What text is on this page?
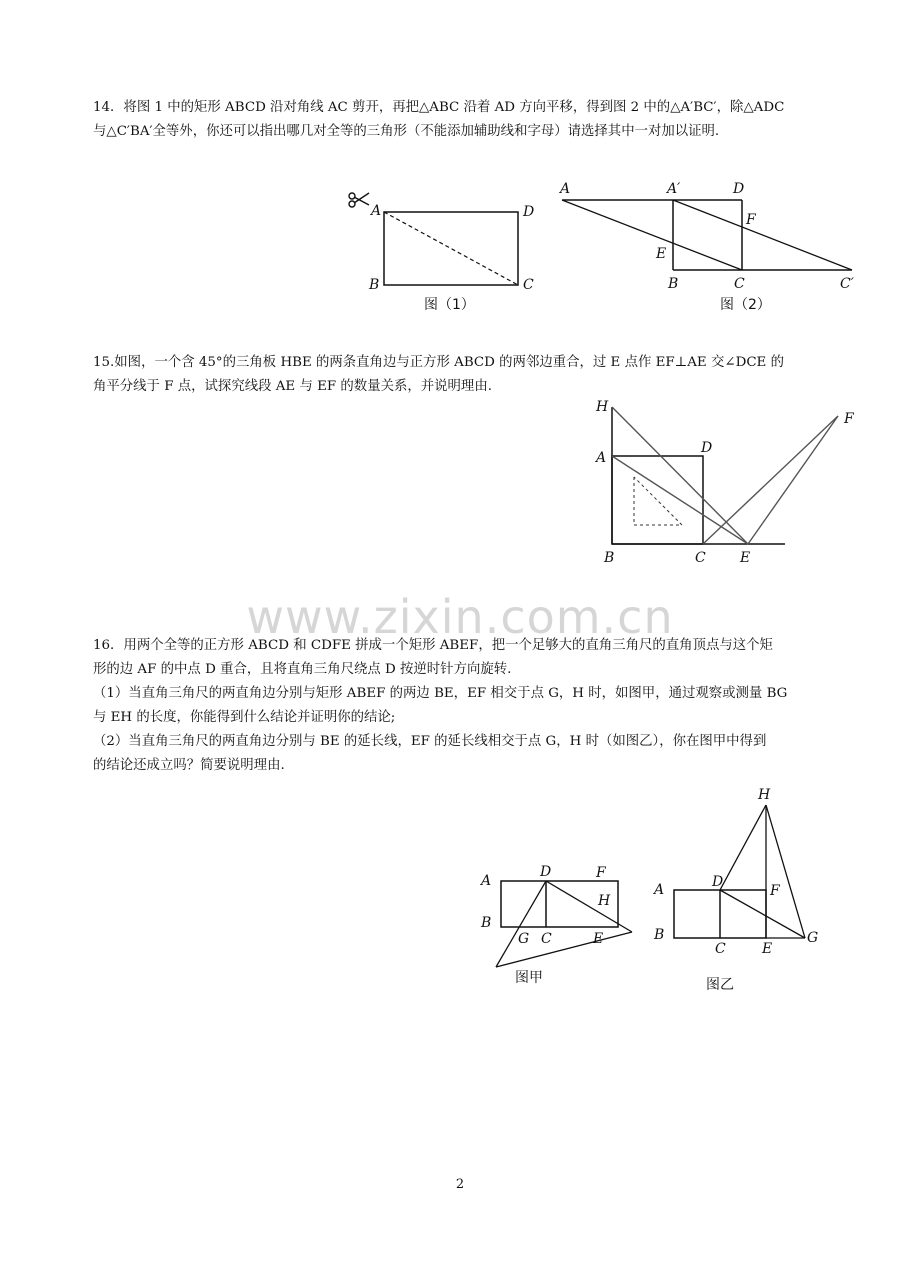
14．将图 1 中的矩形 ABCD 沿对角线 AC 剪开，再把△ABC 沿着 AD 方向平移，得到图 2 中的△A′BC′，除△ADC
与△C′BA′全等外，你还可以指出哪几对全等的三角形（不能添加辅助线和字母）请选择其中一对加以证明.

A	D
B	C
图（1）
A	A′	D
F
E
B	C	C′
图（2）

15.如图，一个含 45°的三角板 HBE 的两条直角边与正方形 ABCD 的两邻边重合，过 E 点作 EF⊥AE 交∠DCE 的
角平分线于 F 点，试探究线段 AE 与 EF 的数量关系，并说明理由.

H
A
D
F
B	C E
www.zixin.com.cn

16．用两个全等的正方形 ABCD 和 CDFE 拼成一个矩形 ABEF，把一个足够大的直角三角尺的直角顶点与这个矩
形的边 AF 的中点 D 重合，且将直角三角尺绕点 D 按逆时针方向旋转.
（1）当直角三角尺的两直角边分别与矩形 ABEF 的两边 BE，EF 相交于点 G，H 时，如图甲，通过观察或测量 BG
与 EH 的长度，你能得到什么结论并证明你的结论;
（2）当直角三角尺的两直角边分别与 BE 的延长线，EF 的延长线相交于点 G，H 时（如图乙），你在图甲中得到
的结论还成立吗？简要说明理由.

A
D	F
H
B
G C	E
图甲
H
D
F
A
B
C	E
G
图乙
2
